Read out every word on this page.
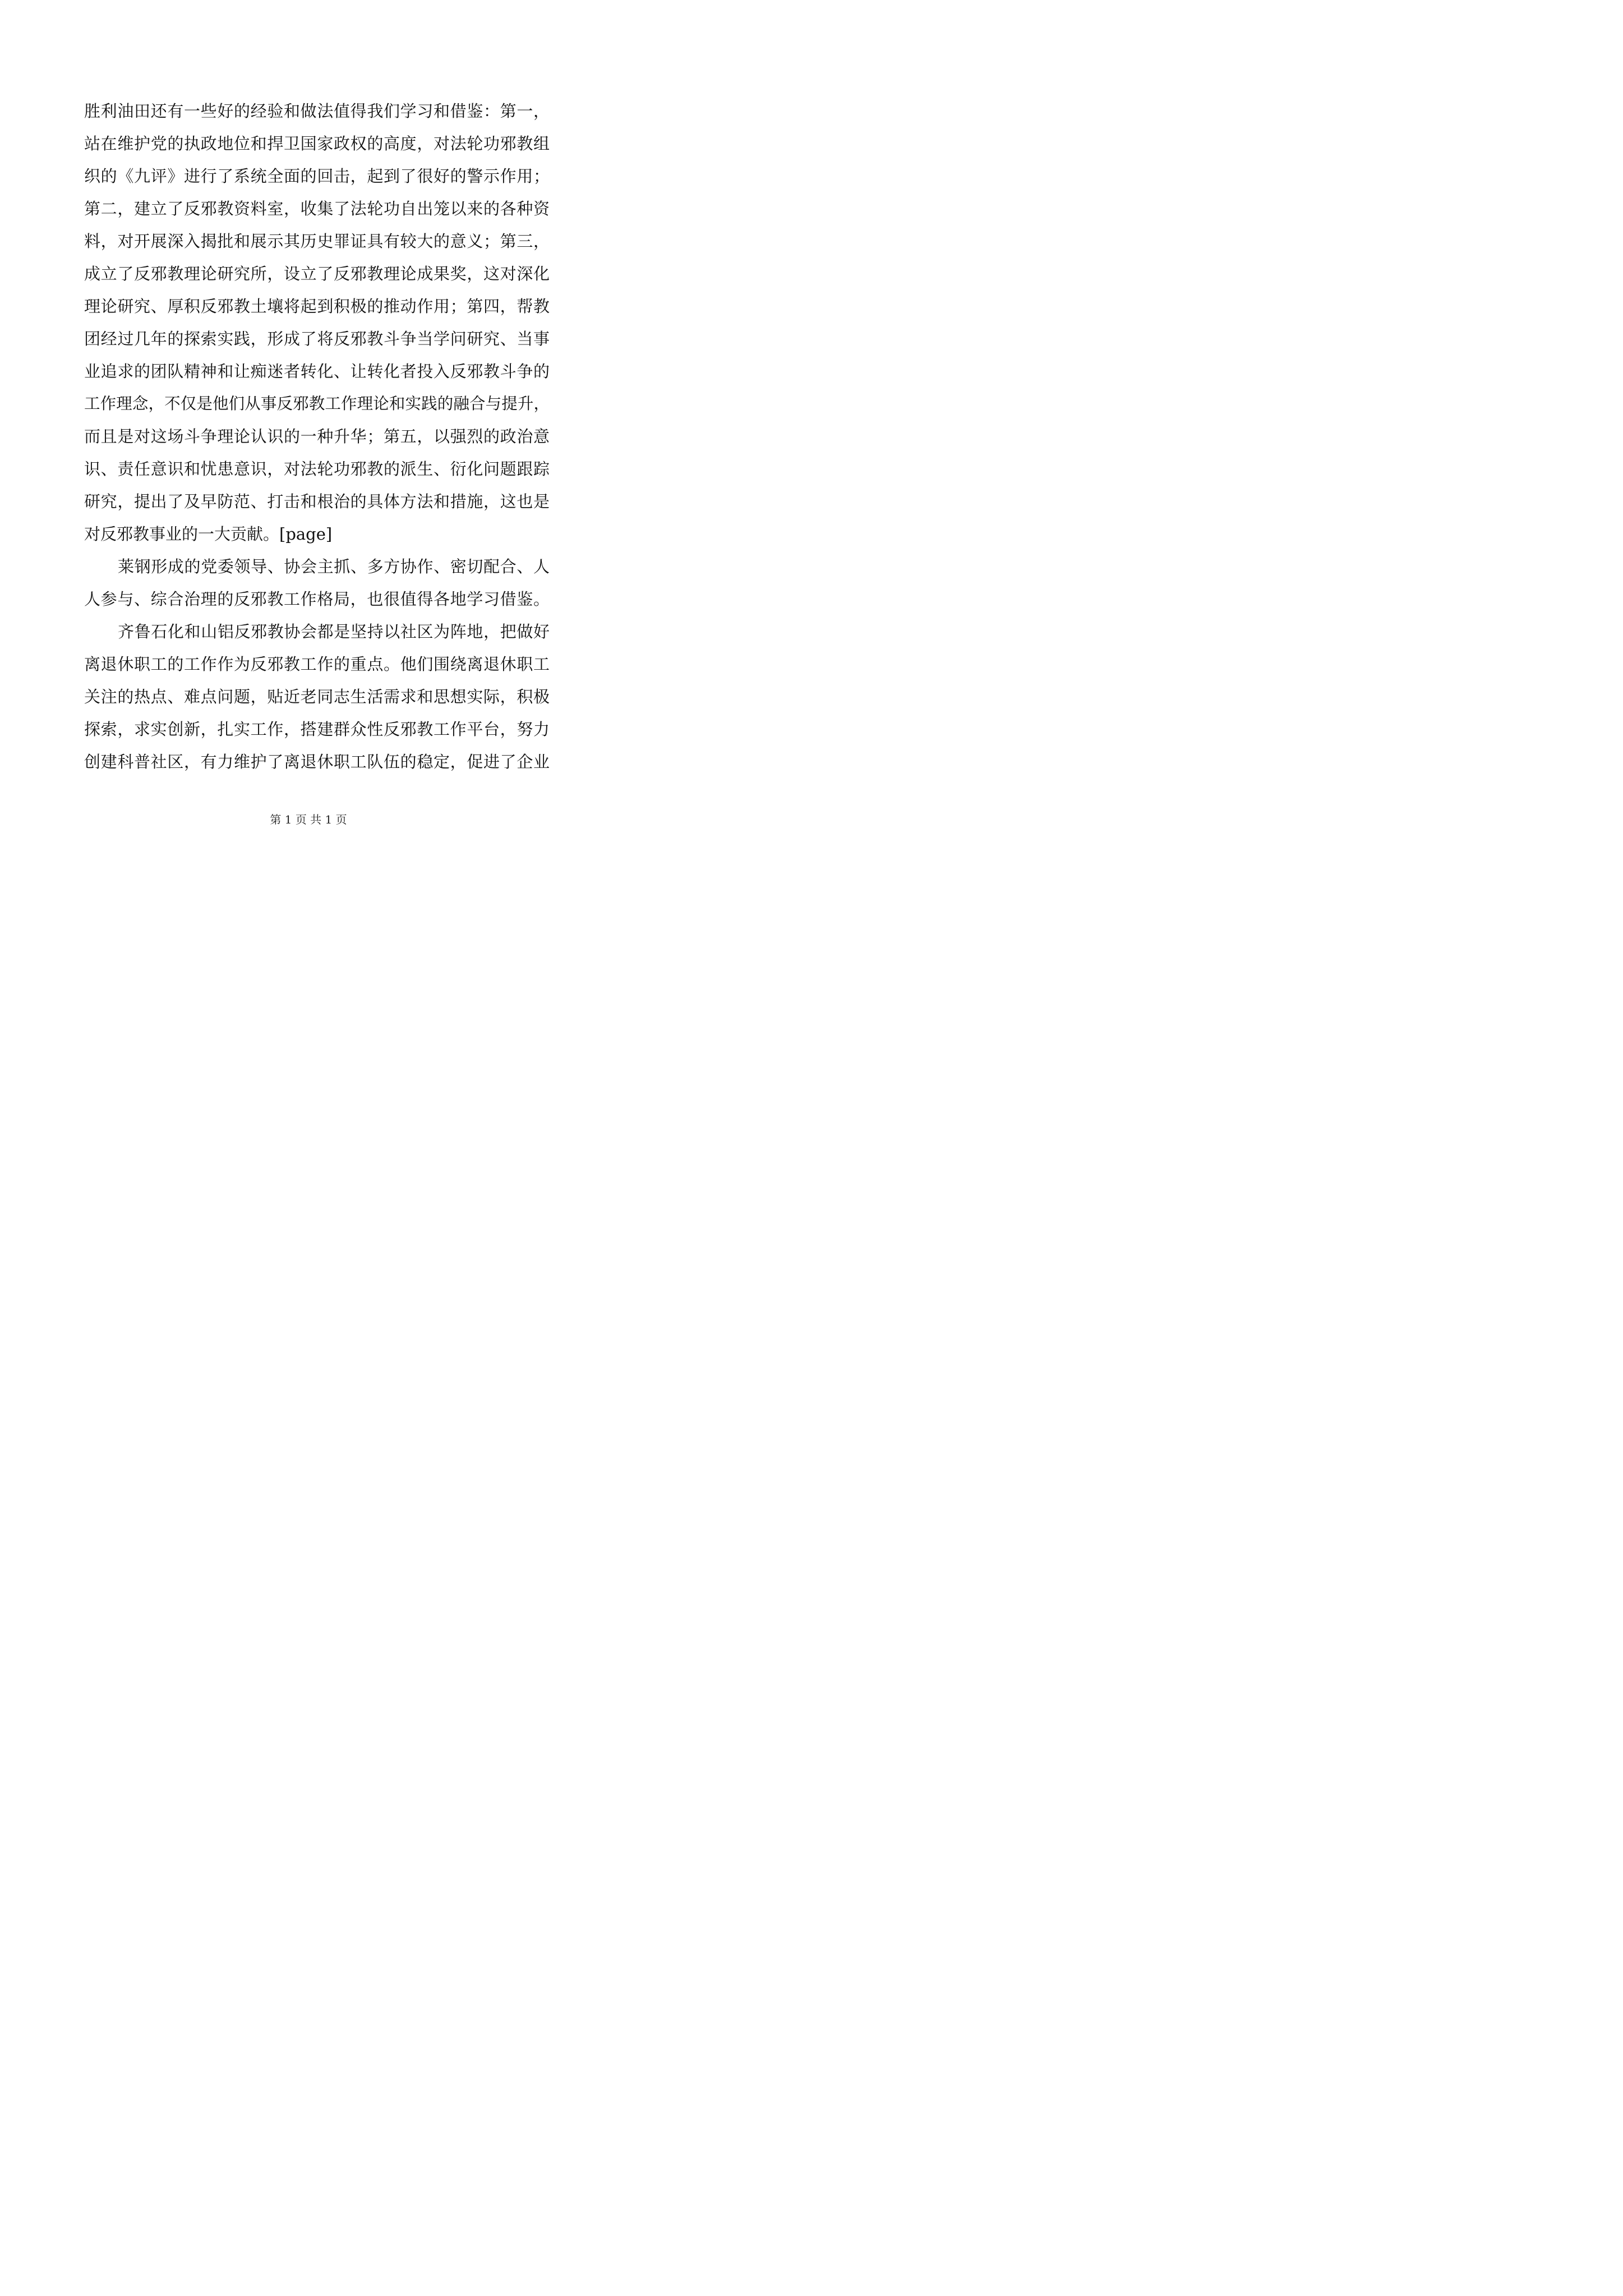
胜利油田还有一些好的经验和做法值得我们学习和借鉴：第一，
站在维护党的执政地位和捍卫国家政权的高度，对法轮功邪教组
织的《九评》进行了系统全面的回击，起到了很好的警示作用；
第二，建立了反邪教资料室，收集了法轮功自出笼以来的各种资
料，对开展深入揭批和展示其历史罪证具有较大的意义；第三，
成立了反邪教理论研究所，设立了反邪教理论成果奖，这对深化
理论研究、厚积反邪教土壤将起到积极的推动作用；第四，帮教
团经过几年的探索实践，形成了将反邪教斗争当学问研究、当事
业追求的团队精神和让痴迷者转化、让转化者投入反邪教斗争的
工作理念，不仅是他们从事反邪教工作理论和实践的融合与提升，
而且是对这场斗争理论认识的一种升华；第五，以强烈的政治意
识、责任意识和忧患意识，对法轮功邪教的派生、衍化问题跟踪
研究，提出了及早防范、打击和根治的具体方法和措施，这也是
对反邪教事业的一大贡献。[page]
莱钢形成的党委领导、协会主抓、多方协作、密切配合、人
人参与、综合治理的反邪教工作格局，也很值得各地学习借鉴。
齐鲁石化和山铝反邪教协会都是坚持以社区为阵地，把做好
离退休职工的工作作为反邪教工作的重点。他们围绕离退休职工
关注的热点、难点问题，贴近老同志生活需求和思想实际，积极
探索，求实创新，扎实工作，搭建群众性反邪教工作平台，努力
创建科普社区，有力维护了离退休职工队伍的稳定，促进了企业
第 1 页 共 1 页
